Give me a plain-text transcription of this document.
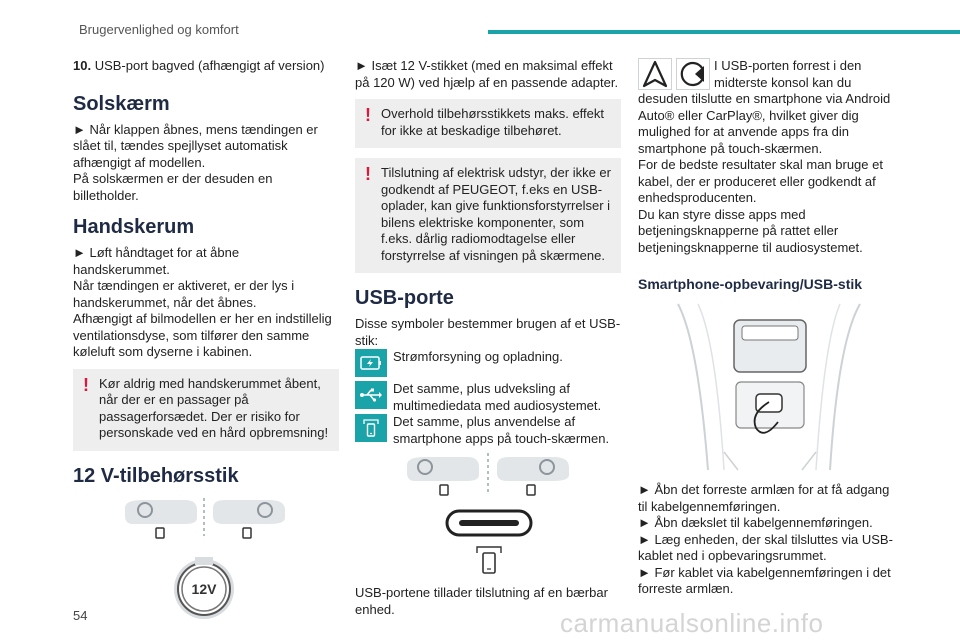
Brugervenlighed og komfort

10. USB-port bagved (afhængigt af version)

Solskærm

► Når klappen åbnes, mens tændingen er slået til, tændes spejllyset automatisk afhængigt af modellen.

På solskærmen er der desuden en billetholder.

Handskerum

► Løft håndtaget for at åbne handskerummet.

Når tændingen er aktiveret, er der lys i handskerummet, når det åbnes.

Afhængigt af bilmodellen er her en indstillelig ventilationsdyse, som tilfører den samme køleluft som dyserne i kabinen.

! Kør aldrig med handskerummet åbent, når der er en passager på passagerforsædet. Der er risiko for personskade ved en hård opbremsning!
12 V-tilbehørsstik
12V

► Isæt 12 V-stikket (med en maksimal effekt på 120 W) ved hjælp af en passende adapter.

! Overhold tilbehørsstikkets maks. effekt for ikke at beskadige tilbehøret.
! Tilslutning af elektrisk udstyr, der ikke er godkendt af PEUGEOT, f.eks en USB-oplader, kan give funktionsforstyrrelser i bilens elektriske komponenter, som f.eks. dårlig radiomodtagelse eller forstyrrelse af visningen på skærmene.
USB-porte

Disse symboler bestemmer brugen af et USB-stik:

Strømforsyning og opladning.

Det samme, plus udveksling af multimediedata med audiosystemet.

Det samme, plus anvendelse af smartphone apps på touch-skærmen.

USB-portene tillader tilslutning af en bærbar enhed.

I USB-porten forrest i den midterste konsol kan du desuden tilslutte en smartphone via Android Auto® eller CarPlay®, hvilket giver dig mulighed for at anvende apps fra din smartphone på touch-skærmen.

For de bedste resultater skal man bruge et kabel, der er produceret eller godkendt af enhedsproducenten.

Du kan styre disse apps med betjeningsknapperne på rattet eller betjeningsknapperne til audiosystemet.

Smartphone-opbevaring/USB-stik

► Åbn det forreste armlæn for at få adgang til kabelgennemføringen.

► Åbn dækslet til kabelgennemføringen.

► Læg enheden, der skal tilsluttes via USB-kablet ned i opbevaringsrummet.

► Før kablet via kabelgennemføringen i det forreste armlæn.

54	carmanualsonline.info
